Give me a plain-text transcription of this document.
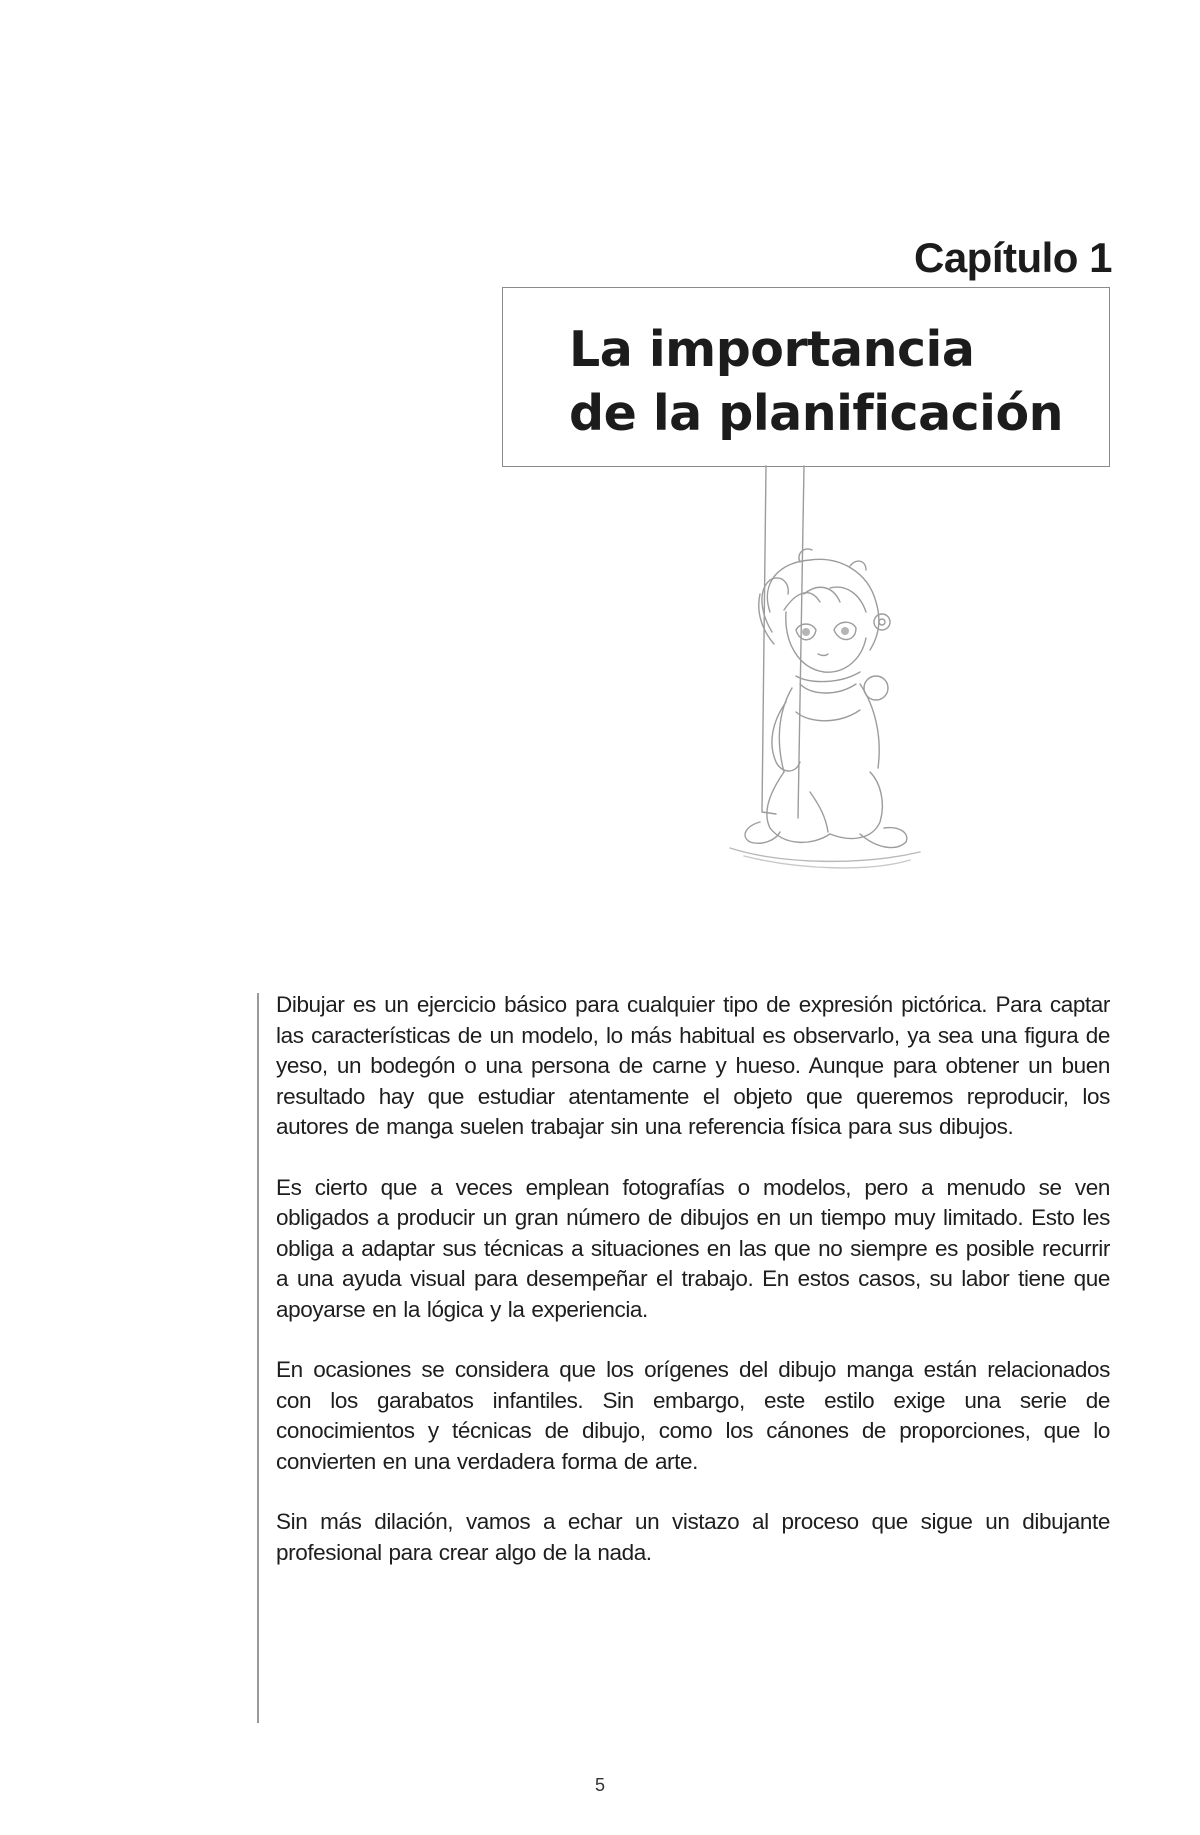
Capítulo 1
La importancia
de la planificación

Dibujar es un ejercicio básico para cualquier tipo de expresión pictórica. Para captar las características de un modelo, lo más habitual es observarlo, ya sea una figura de yeso, un bodegón o una persona de carne y hueso. Aunque para obtener un buen resultado hay que estudiar atentamente el objeto que queremos reproducir, los autores de manga suelen trabajar sin una referencia física para sus dibujos.

Es cierto que a veces emplean fotografías o modelos, pero a menudo se ven obligados a producir un gran número de dibujos en un tiempo muy limitado. Esto les obliga a adaptar sus técnicas a situaciones en las que no siempre es posible recurrir a una ayuda visual para desempeñar el trabajo. En estos casos, su labor tiene que apoyarse en la lógica y la experiencia.

En ocasiones se considera que los orígenes del dibujo manga están relacionados con los garabatos infantiles. Sin embargo, este estilo exige una serie de conocimientos y técnicas de dibujo, como los cánones de proporciones, que lo convierten en una verdadera forma de arte.

Sin más dilación, vamos a echar un vistazo al proceso que sigue un dibujante profesional para crear algo de la nada.

5
